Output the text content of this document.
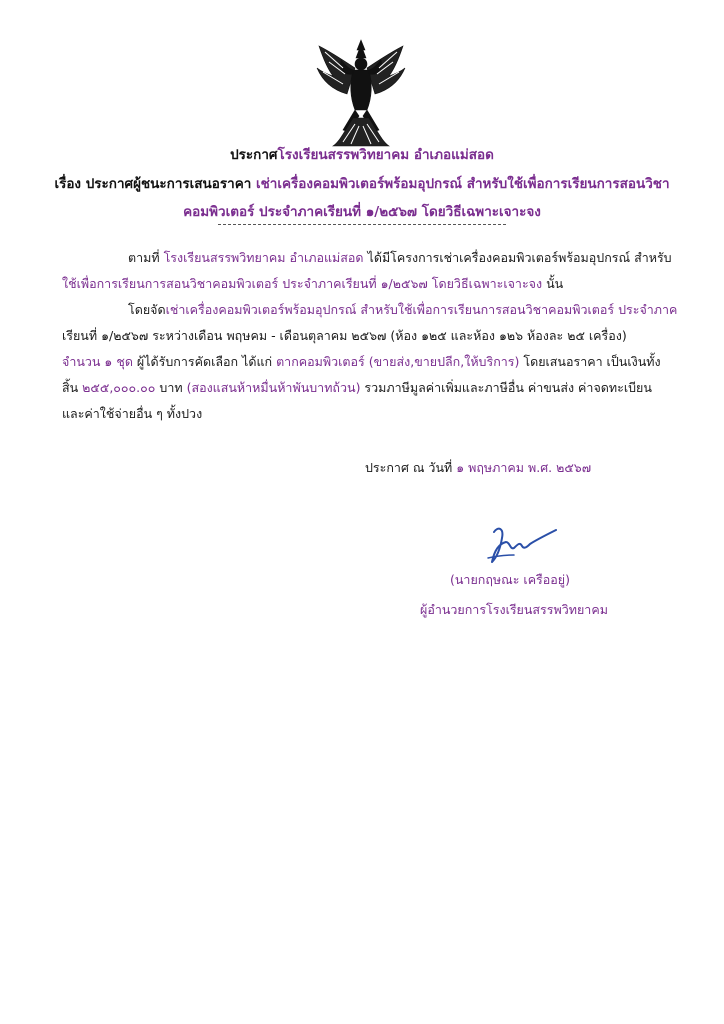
ประกาศโรงเรียนสรรพวิทยาคม อำเภอแม่สอด
เรื่อง ประกาศผู้ชนะการเสนอราคา เช่าเครื่องคอมพิวเตอร์พร้อมอุปกรณ์ สำหรับใช้เพื่อการเรียนการสอนวิชา
คอมพิวเตอร์ ประจำภาคเรียนที่ ๑/๒๕๖๗ โดยวิธีเฉพาะเจาะจง
ตามที่ โรงเรียนสรรพวิทยาคม อำเภอแม่สอด ได้มีโครงการเช่าเครื่องคอมพิวเตอร์พร้อมอุปกรณ์ สำหรับ
ใช้เพื่อการเรียนการสอนวิชาคอมพิวเตอร์ ประจำภาคเรียนที่ ๑/๒๕๖๗ โดยวิธีเฉพาะเจาะจง นั้น
โดยจัดเช่าเครื่องคอมพิวเตอร์พร้อมอุปกรณ์ สำหรับใช้เพื่อการเรียนการสอนวิชาคอมพิวเตอร์ ประจำภาค
เรียนที่ ๑/๒๕๖๗ ระหว่างเดือน พฤษคม - เดือนตุลาคม ๒๕๖๗ (ห้อง ๑๒๕ และห้อง ๑๒๖ ห้องละ ๒๕ เครื่อง)
จำนวน ๑ ชุด ผู้ได้รับการคัดเลือก ได้แก่ ตากคอมพิวเตอร์ (ขายส่ง,ขายปลีก,ให้บริการ) โดยเสนอราคา เป็นเงินทั้ง
สิ้น ๒๕๕,๐๐๐.๐๐ บาท (สองแสนห้าหมื่นห้าพันบาทถ้วน) รวมภาษีมูลค่าเพิ่มและภาษีอื่น ค่าขนส่ง ค่าจดทะเบียน
และค่าใช้จ่ายอื่น ๆ ทั้งปวง
ประกาศ ณ วันที่ ๑ พฤษภาคม พ.ศ. ๒๕๖๗
(นายกฤษณะ เครืออยู่)
ผู้อำนวยการโรงเรียนสรรพวิทยาคม
